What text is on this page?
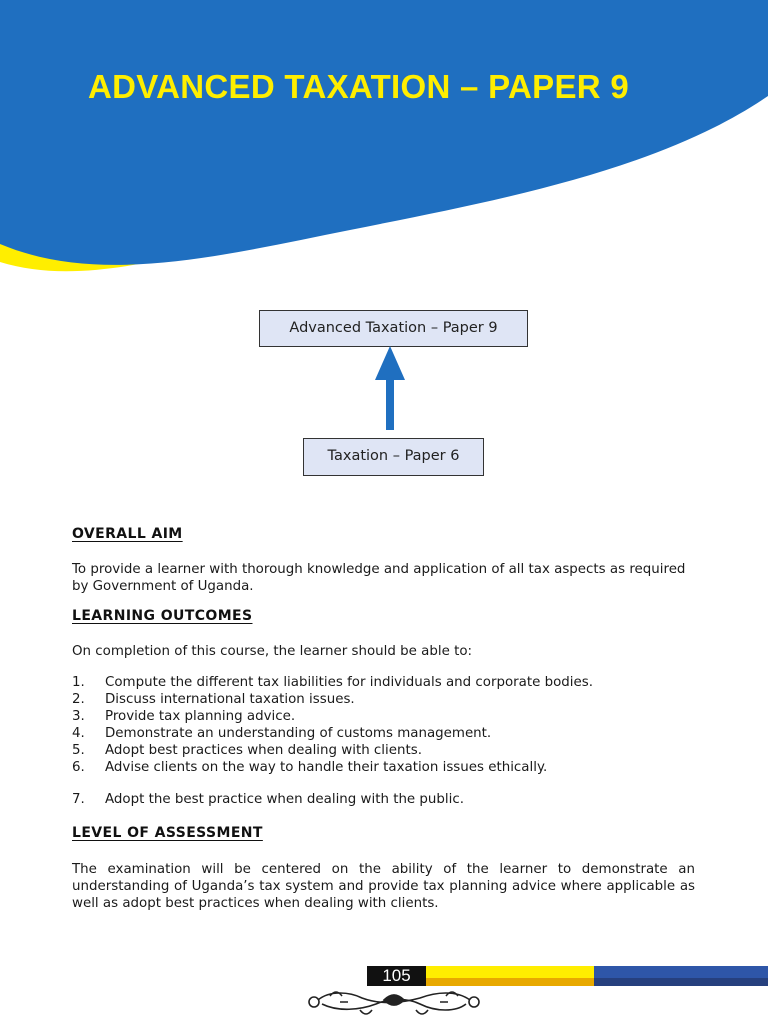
ADVANCED TAXATION – PAPER 9
Advanced Taxation – Paper 9
Taxation – Paper 6
OVERALL AIM

To provide a learner with thorough knowledge and application of all tax aspects as required by Government of Uganda.

LEARNING OUTCOMES

On completion of this course, the learner should be able to:

1. Compute the different tax liabilities for individuals and corporate bodies.
2. Discuss international taxation issues.
3. Provide tax planning advice.
4. Demonstrate an understanding of customs management.
5. Adopt best practices when dealing with clients.
6. Advise clients on the way to handle their taxation issues ethically.
7. Adopt the best practice when dealing with the public.
LEVEL OF ASSESSMENT

The examination will be centered on the ability of the learner to demonstrate an understanding of Uganda’s tax system and provide tax planning advice where applicable as well as adopt best practices when dealing with clients.

105
